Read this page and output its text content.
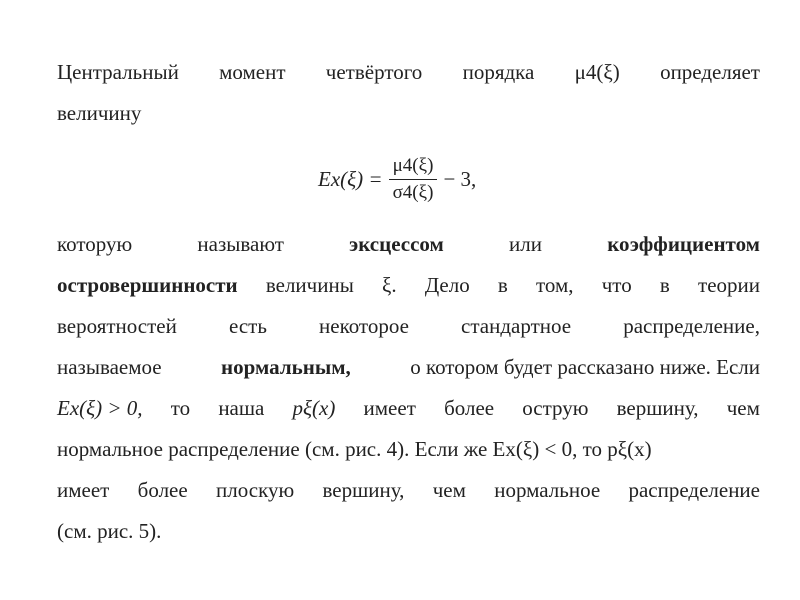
Центральный момент четвёртого порядка μ4(ξ) определяет
величину
которую	называют	эксцессом	или	коэффициентом
островершинности величины ξ. Дело в том, что в теории
вероятностей есть некоторое стандартное распределение,
называемое	нормальным,	о котором будет рассказано ниже. Если
Ex(ξ) > 0, то наша pξ(x) имеет более острую вершину, чем
нормальное распределение (см. рис. 4). Если же Ex(ξ) < 0, то pξ(x)
имеет более плоскую вершину, чем нормальное распределение
(см. рис. 5).
$Ex(\xi) = \frac{\mu 4(\xi)}{\sigma 4(\xi)} - 3$,
